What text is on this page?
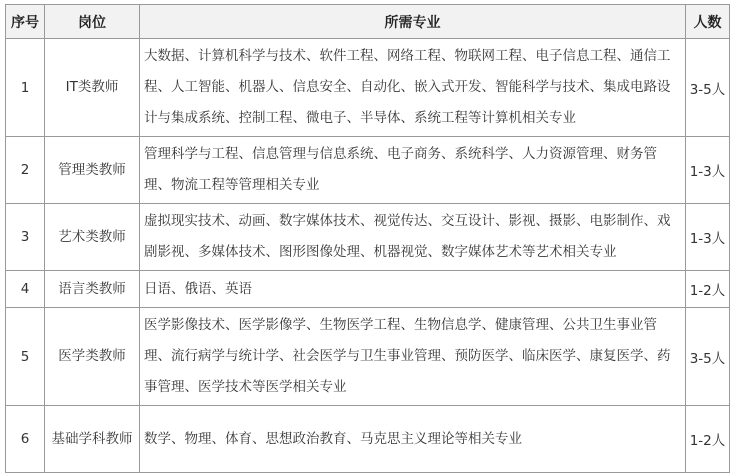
序号	岗位	所需专业	人数
1	IT类教师	大数据、计算机科学与技术、软件工程、网络工程、物联网工程、电子信息工程、通信工程、人工智能、机器人、信息安全、自动化、嵌入式开发、智能科学与技术、集成电路设计与集成系统、控制工程、微电子、半导体、系统工程等计算机相关专业	3-5人
2	管理类教师	管理科学与工程、信息管理与信息系统、电子商务、系统科学、人力资源管理、财务管理、物流工程等管理相关专业	1-3人
3	艺术类教师	虚拟现实技术、动画、数字媒体技术、视觉传达、交互设计、影视、摄影、电影制作、戏剧影视、多媒体技术、图形图像处理、机器视觉、数字媒体艺术等艺术相关专业	1-3人
4	语言类教师	日语、俄语、英语	1-2人
5	医学类教师	医学影像技术、医学影像学、生物医学工程、生物信息学、健康管理、公共卫生事业管理、流行病学与统计学、社会医学与卫生事业管理、预防医学、临床医学、康复医学、药事管理、医学技术等医学相关专业	3-5人
6	基础学科教师	数学、物理、体育、思想政治教育、马克思主义理论等相关专业	1-2人
